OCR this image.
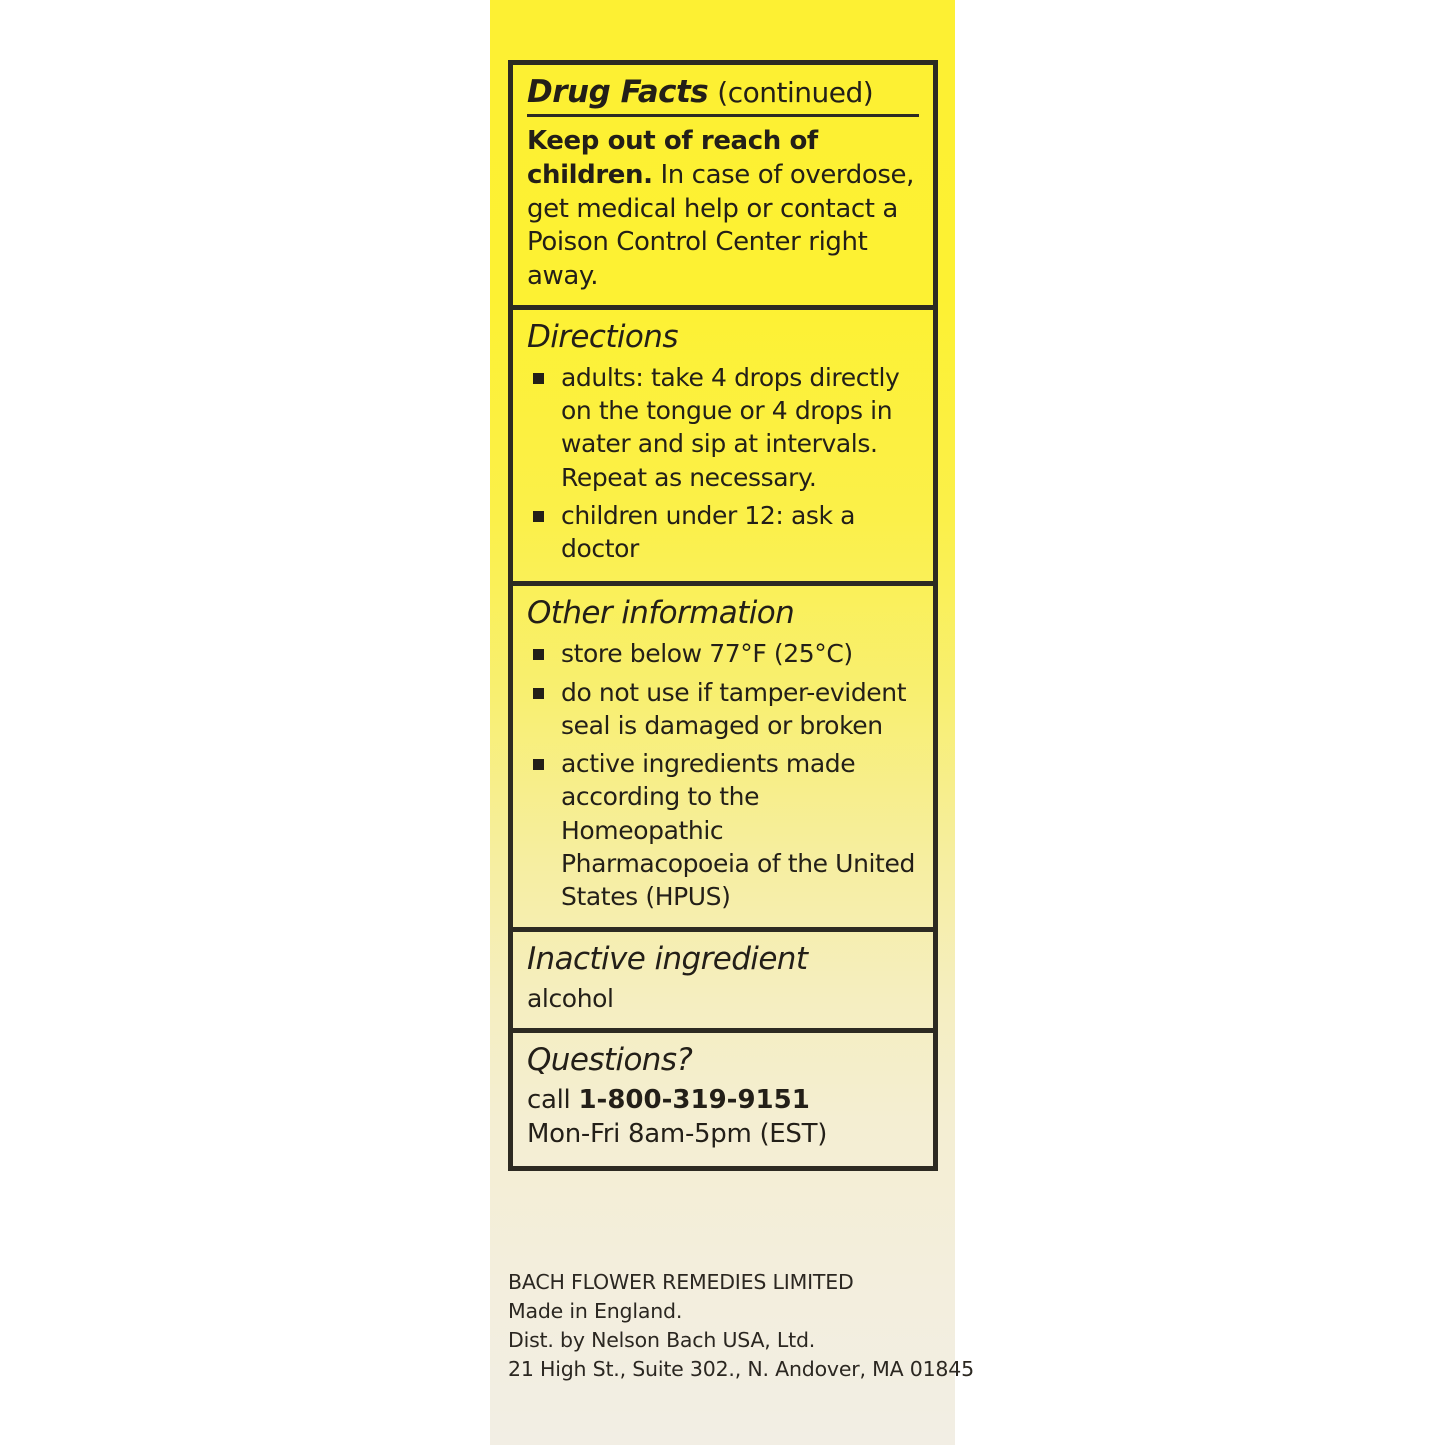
Drug Facts (continued)
Keep out of reach of children. In case of overdose, get medical help or contact a Poison Control Center right away.
Directions
adults: take 4 drops directly on the tongue or 4 drops in water and sip at intervals. Repeat as necessary.
children under 12: ask a doctor
Other information
store below 77°F (25°C)
do not use if tamper-evident seal is damaged or broken
active ingredients made according to the Homeopathic Pharmacopoeia of the United States (HPUS)
Inactive ingredient
alcohol
Questions?
call 1-800-319-9151
Mon-Fri 8am-5pm (EST)
BACH FLOWER REMEDIES LIMITED
Made in England.
Dist. by Nelson Bach USA, Ltd.
21 High St., Suite 302., N. Andover, MA 01845
